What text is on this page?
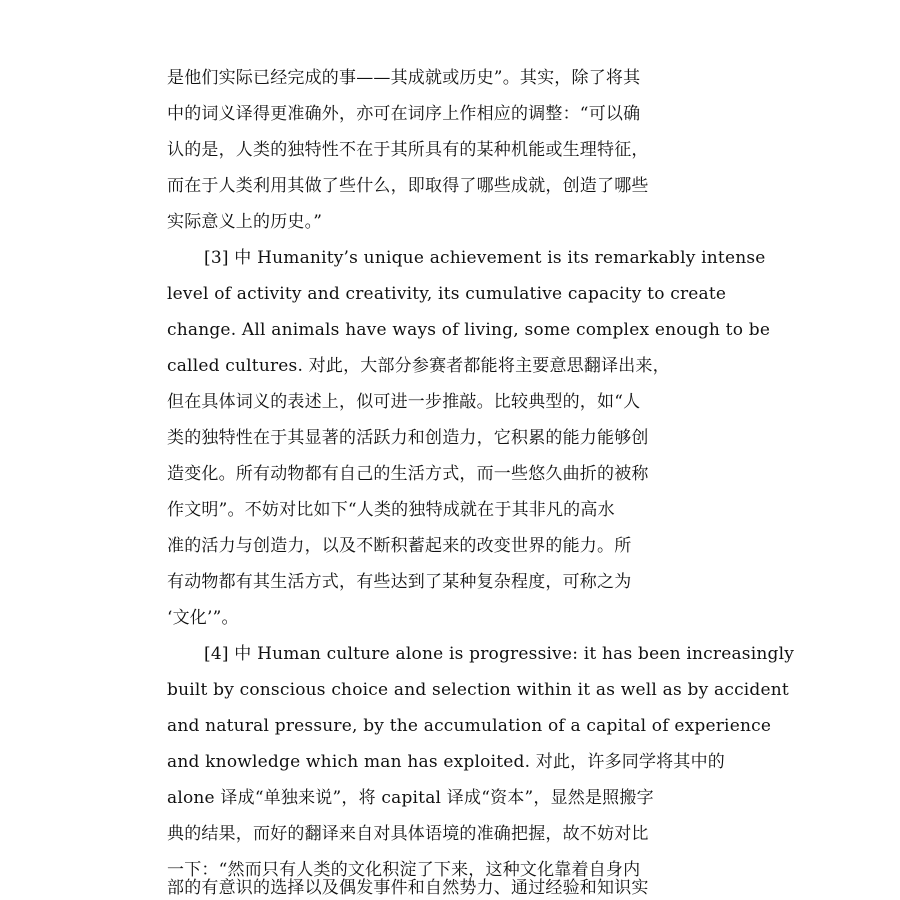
是他们实际已经完成的事——其成就或历史”。其实，除了将其
中的词义译得更准确外，亦可在词序上作相应的调整：“可以确
认的是，人类的独特性不在于其所具有的某种机能或生理特征，
而在于人类利用其做了些什么，即取得了哪些成就，创造了哪些
实际意义上的历史。”
[3] 中 Humanity’s unique achievement is its remarkably intense
level of activity and creativity, its cumulative capacity to create
change. All animals have ways of living, some complex enough to be
called cultures. 对此，大部分参赛者都能将主要意思翻译出来，
但在具体词义的表述上，似可进一步推敲。比较典型的，如“人
类的独特性在于其显著的活跃力和创造力，它积累的能力能够创
造变化。所有动物都有自己的生活方式，而一些悠久曲折的被称
作文明”。不妨对比如下“人类的独特成就在于其非凡的高水
准的活力与创造力，以及不断积蓄起来的改变世界的能力。所
有动物都有其生活方式，有些达到了某种复杂程度，可称之为
‘文化’”。
[4] 中 Human culture alone is progressive: it has been increasingly
built by conscious choice and selection within it as well as by accident
and natural pressure, by the accumulation of a capital of experience
and knowledge which man has exploited. 对此，许多同学将其中的
alone 译成“单独来说”，将 capital 译成“资本”，显然是照搬字
典的结果，而好的翻译来自对具体语境的准确把握，故不妨对比
一下：“然而只有人类的文化积淀了下来，这种文化靠着自身内
部的有意识的选择以及偶发事件和自然势力、通过经验和知识实
